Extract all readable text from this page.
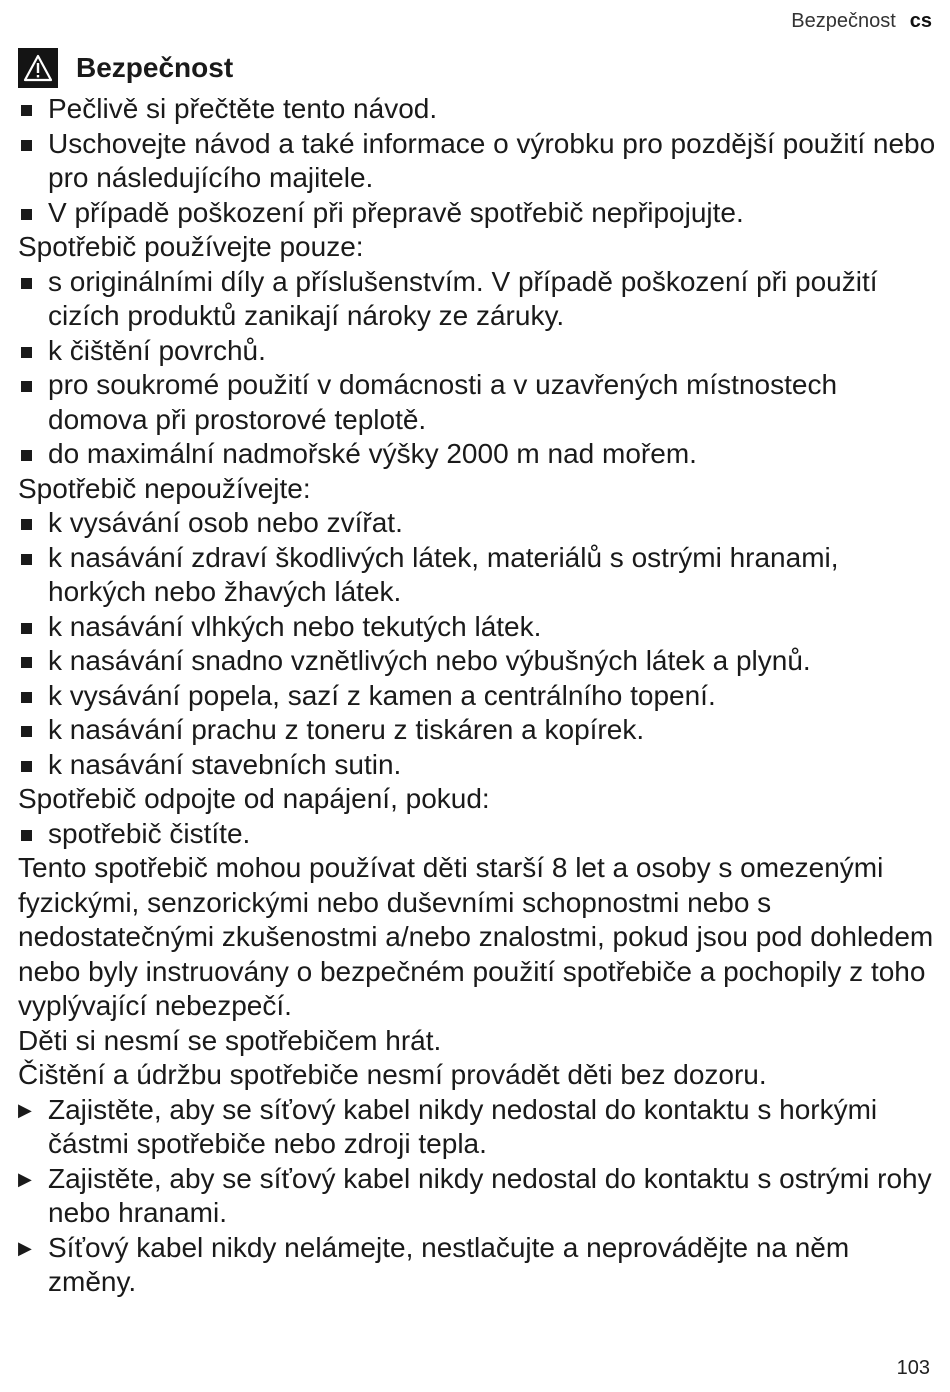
Bezpečnost cs
Bezpečnost
Pečlivě si přečtěte tento návod.
Uschovejte návod a také informace o výrobku pro pozdější použití nebo pro následujícího majitele.
V případě poškození při přepravě spotřebič nepřipojujte.
Spotřebič používejte pouze:
s originálními díly a příslušenstvím. V případě poškození při použití cizích produktů zanikají nároky ze záruky.
k čištění povrchů.
pro soukromé použití v domácnosti a v uzavřených místnostech domova při prostorové teplotě.
do maximální nadmořské výšky 2000 m nad mořem.
Spotřebič nepoužívejte:
k vysávání osob nebo zvířat.
k nasávání zdraví škodlivých látek, materiálů s ostrými hranami, horkých nebo žhavých látek.
k nasávání vlhkých nebo tekutých látek.
k nasávání snadno vznětlivých nebo výbušných látek a plynů.
k vysávání popela, sazí z kamen a centrálního topení.
k nasávání prachu z toneru z tiskáren a kopírek.
k nasávání stavebních sutin.
Spotřebič odpojte od napájení, pokud:
spotřebič čistíte.
Tento spotřebič mohou používat děti starší 8 let a osoby s omezenými fyzickými, senzorickými nebo duševními schopnostmi nebo s nedostatečnými zkušenostmi a/nebo znalostmi, pokud jsou pod dohledem nebo byly instruovány o bezpečném použití spotřebiče a pochopily z toho vyplývající nebezpečí.
Děti si nesmí se spotřebičem hrát.
Čištění a údržbu spotřebiče nesmí provádět děti bez dozoru.
▶ Zajistěte, aby se síťový kabel nikdy nedostal do kontaktu s horkými částmi spotřebiče nebo zdroji tepla.
▶ Zajistěte, aby se síťový kabel nikdy nedostal do kontaktu s ostrými rohy nebo hranami.
▶ Síťový kabel nikdy nelámejte, nestlačujte a neprovádějte na něm změny.
103
